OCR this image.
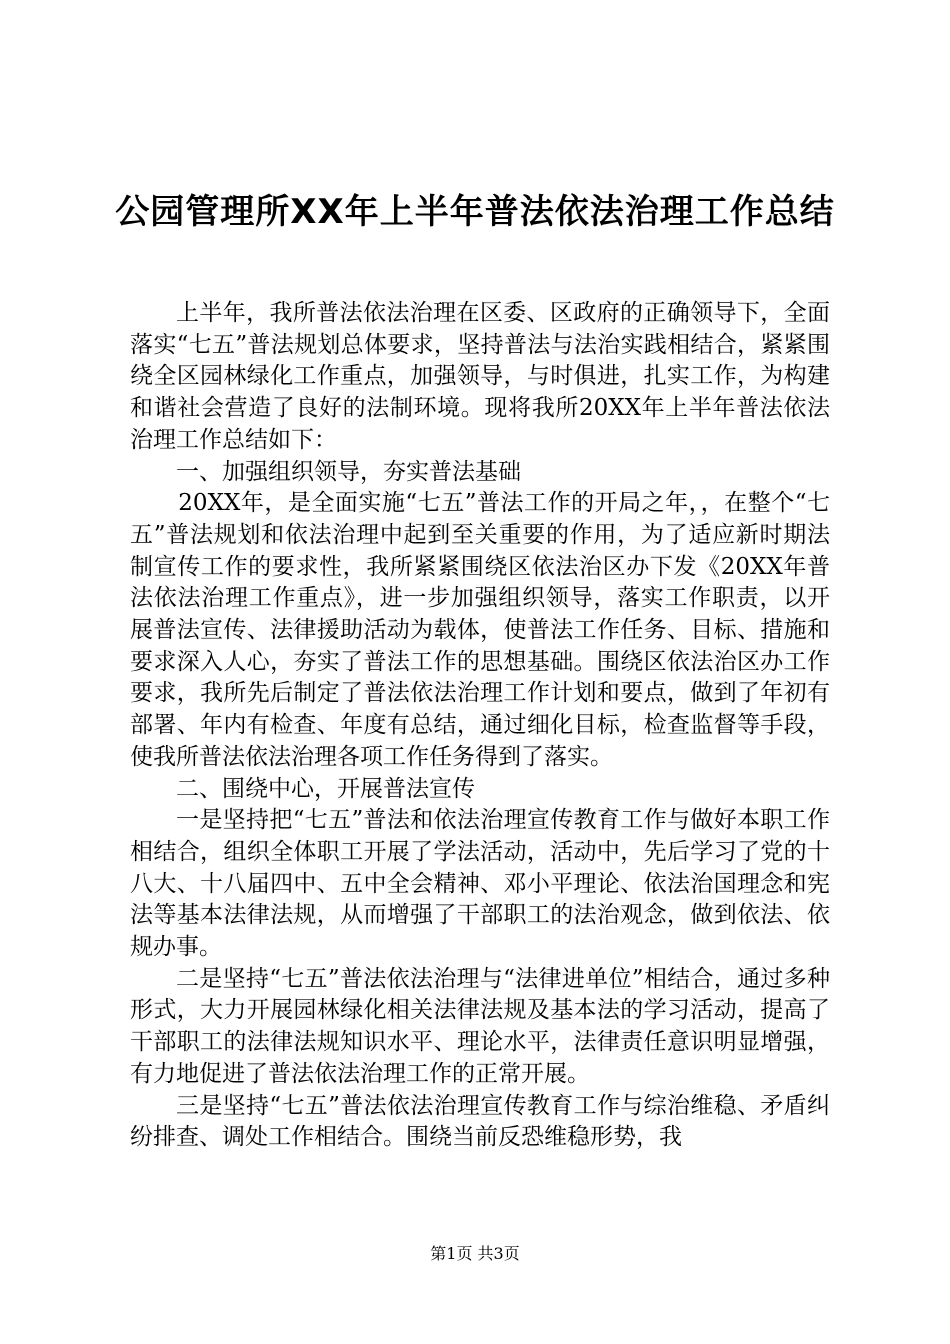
公园管理所XX年上半年普法依法治理工作总结

上半年，我所普法依法治理在区委、区政府的正确领导下，全面落实“七五”普法规划总体要求，坚持普法与法治实践相结合，紧紧围绕全区园林绿化工作重点，加强领导，与时俱进，扎实工作，为构建和谐社会营造了良好的法制环境。现将我所20XX年上半年普法依法治理工作总结如下：

一、加强组织领导，夯实普法基础

20XX年，是全面实施“七五”普法工作的开局之年，，在整个“七五”普法规划和依法治理中起到至关重要的作用，为了适应新时期法制宣传工作的要求性，我所紧紧围绕区依法治区办下发《20XX年普法依法治理工作重点》，进一步加强组织领导，落实工作职责，以开展普法宣传、法律援助活动为载体，使普法工作任务、目标、措施和要求深入人心，夯实了普法工作的思想基础。围绕区依法治区办工作要求，我所先后制定了普法依法治理工作计划和要点，做到了年初有部署、年内有检查、年度有总结，通过细化目标，检查监督等手段，使我所普法依法治理各项工作任务得到了落实。

二、围绕中心，开展普法宣传

一是坚持把“七五”普法和依法治理宣传教育工作与做好本职工作相结合，组织全体职工开展了学法活动，活动中，先后学习了党的十八大、十八届四中、五中全会精神、邓小平理论、依法治国理念和宪法等基本法律法规，从而增强了干部职工的法治观念，做到依法、依规办事。

二是坚持“七五”普法依法治理与“法律进单位”相结合，通过多种形式，大力开展园林绿化相关法律法规及基本法的学习活动，提高了干部职工的法律法规知识水平、理论水平，法律责任意识明显增强，有力地促进了普法依法治理工作的正常开展。

三是坚持“七五”普法依法治理宣传教育工作与综治维稳、矛盾纠纷排查、调处工作相结合。围绕当前反恐维稳形势，我

第1页 共3页
